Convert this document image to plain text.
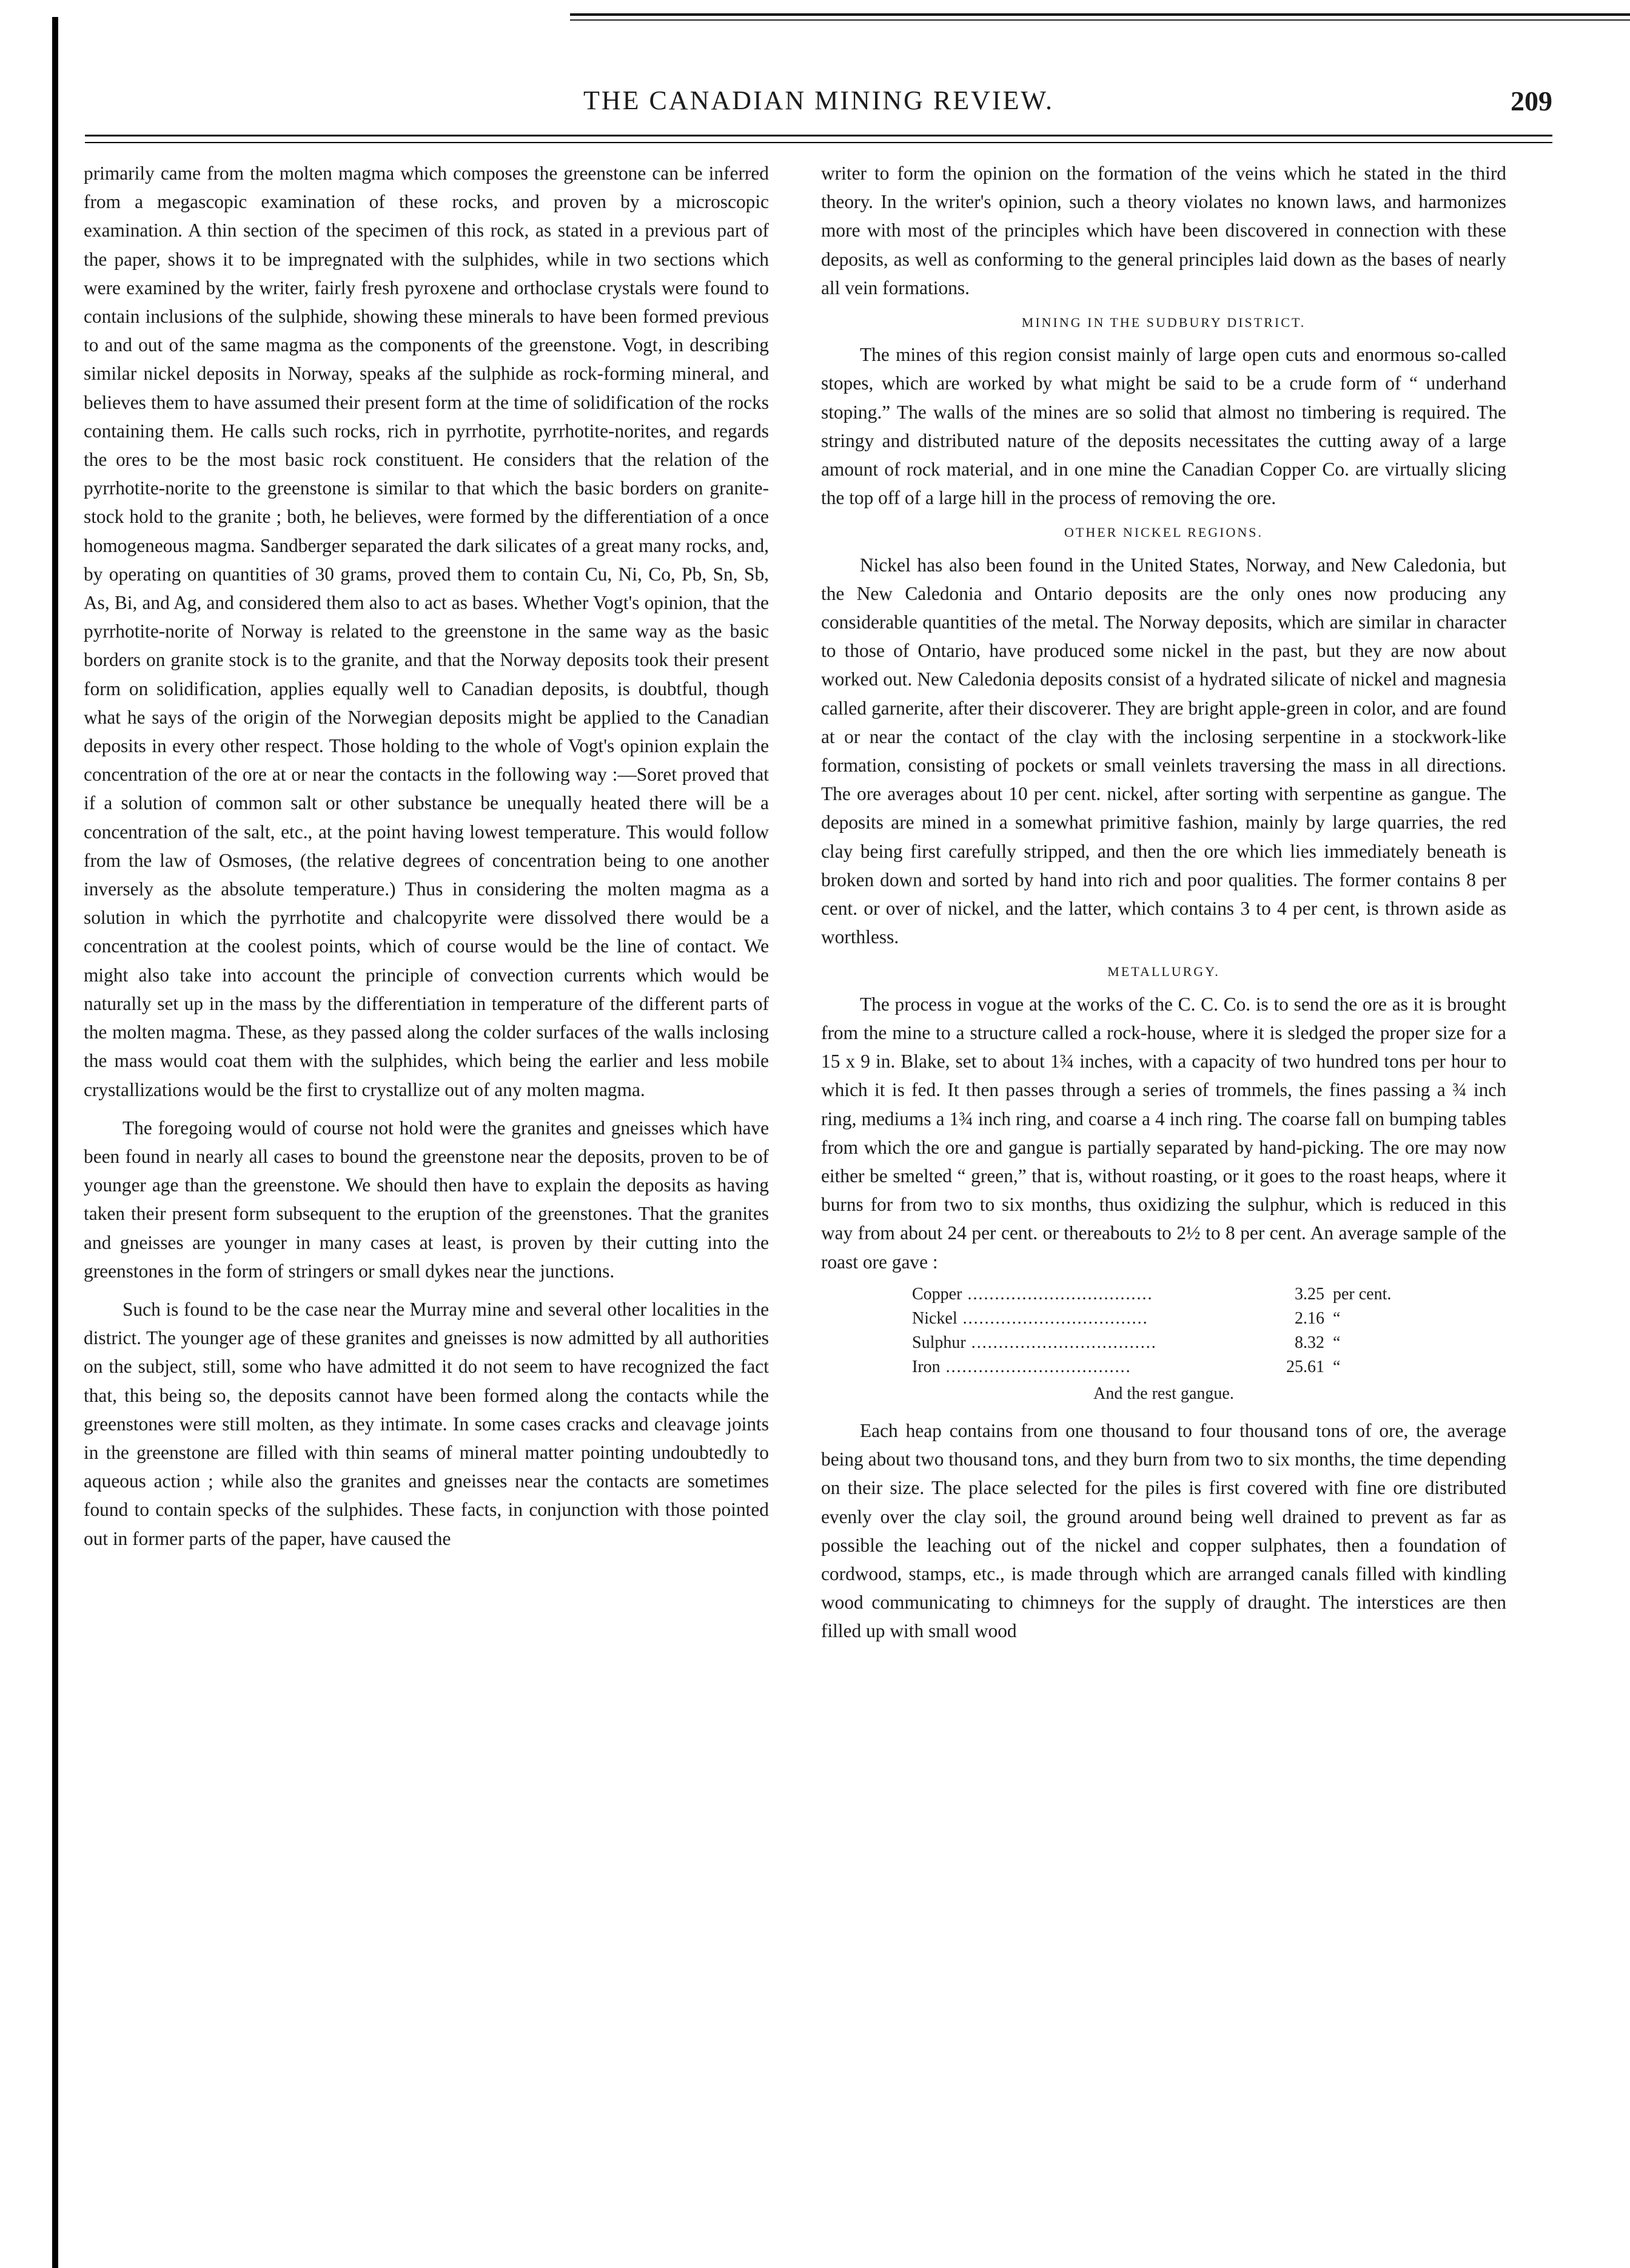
THE CANADIAN MINING REVIEW.	209

primarily came from the molten magma which composes the greenstone can be inferred from a megascopic examination of these rocks, and proven by a microscopic examination. A thin section of the specimen of this rock, as stated in a previous part of the paper, shows it to be impregnated with the sulphides, while in two sections which were examined by the writer, fairly fresh pyroxene and orthoclase crystals were found to contain inclusions of the sulphide, showing these minerals to have been formed previous to and out of the same magma as the components of the greenstone. Vogt, in describing similar nickel deposits in Norway, speaks af the sulphide as rock-forming mineral, and believes them to have assumed their present form at the time of solidification of the rocks containing them. He calls such rocks, rich in pyrrhotite, pyrrhotite-norites, and regards the ores to be the most basic rock constituent. He considers that the relation of the pyrrhotite-norite to the greenstone is similar to that which the basic borders on granite-stock hold to the granite ; both, he believes, were formed by the differentiation of a once homogeneous magma. Sandberger separated the dark silicates of a great many rocks, and, by operating on quantities of 30 grams, proved them to contain Cu, Ni, Co, Pb, Sn, Sb, As, Bi, and Ag, and considered them also to act as bases. Whether Vogt's opinion, that the pyrrhotite-norite of Norway is related to the greenstone in the same way as the basic borders on granite stock is to the granite, and that the Norway deposits took their present form on solidification, applies equally well to Canadian deposits, is doubtful, though what he says of the origin of the Norwegian deposits might be applied to the Canadian deposits in every other respect. Those holding to the whole of Vogt's opinion explain the concentration of the ore at or near the contacts in the following way :—Soret proved that if a solution of common salt or other substance be unequally heated there will be a concentration of the salt, etc., at the point having lowest temperature. This would follow from the law of Osmoses, (the relative degrees of concentration being to one another inversely as the absolute temperature.) Thus in considering the molten magma as a solution in which the pyrrhotite and chalcopyrite were dissolved there would be a concentration at the coolest points, which of course would be the line of contact. We might also take into account the principle of convection currents which would be naturally set up in the mass by the differentiation in temperature of the different parts of the molten magma. These, as they passed along the colder surfaces of the walls inclosing the mass would coat them with the sulphides, which being the earlier and less mobile crystallizations would be the first to crystallize out of any molten magma.

The foregoing would of course not hold were the granites and gneisses which have been found in nearly all cases to bound the greenstone near the deposits, proven to be of younger age than the greenstone. We should then have to explain the deposits as having taken their present form subsequent to the eruption of the greenstones. That the granites and gneisses are younger in many cases at least, is proven by their cutting into the greenstones in the form of stringers or small dykes near the junctions.

Such is found to be the case near the Murray mine and several other localities in the district. The younger age of these granites and gneisses is now admitted by all authorities on the subject, still, some who have admitted it do not seem to have recognized the fact that, this being so, the deposits cannot have been formed along the contacts while the greenstones were still molten, as they intimate. In some cases cracks and cleavage joints in the greenstone are filled with thin seams of mineral matter pointing undoubtedly to aqueous action ; while also the granites and gneisses near the contacts are sometimes found to contain specks of the sulphides. These facts, in conjunction with those pointed out in former parts of the paper, have caused the

writer to form the opinion on the formation of the veins which he stated in the third theory. In the writer's opinion, such a theory violates no known laws, and harmonizes more with most of the principles which have been discovered in connection with these deposits, as well as conforming to the general principles laid down as the bases of nearly all vein formations.

MINING IN THE SUDBURY DISTRICT.

The mines of this region consist mainly of large open cuts and enormous so-called stopes, which are worked by what might be said to be a crude form of “ underhand stoping.” The walls of the mines are so solid that almost no timbering is required. The stringy and distributed nature of the deposits necessitates the cutting away of a large amount of rock material, and in one mine the Canadian Copper Co. are virtually slicing the top off of a large hill in the process of removing the ore.

OTHER NICKEL REGIONS.

Nickel has also been found in the United States, Norway, and New Caledonia, but the New Caledonia and Ontario deposits are the only ones now producing any considerable quantities of the metal. The Norway deposits, which are similar in character to those of Ontario, have produced some nickel in the past, but they are now about worked out. New Caledonia deposits consist of a hydrated silicate of nickel and magnesia called garnerite, after their discoverer. They are bright apple-green in color, and are found at or near the contact of the clay with the inclosing serpentine in a stockwork-like formation, consisting of pockets or small veinlets traversing the mass in all directions. The ore averages about 10 per cent. nickel, after sorting with serpentine as gangue. The deposits are mined in a somewhat primitive fashion, mainly by large quarries, the red clay being first carefully stripped, and then the ore which lies immediately beneath is broken down and sorted by hand into rich and poor qualities. The former contains 8 per cent. or over of nickel, and the latter, which contains 3 to 4 per cent, is thrown aside as worthless.

METALLURGY.

The process in vogue at the works of the C. C. Co. is to send the ore as it is brought from the mine to a structure called a rock-house, where it is sledged the proper size for a 15 x 9 in. Blake, set to about 1¾ inches, with a capacity of two hundred tons per hour to which it is fed. It then passes through a series of trommels, the fines passing a ¾ inch ring, mediums a 1¾ inch ring, and coarse a 4 inch ring. The coarse fall on bumping tables from which the ore and gangue is partially separated by hand-picking. The ore may now either be smelted “ green,” that is, without roasting, or it goes to the roast heaps, where it burns for from two to six months, thus oxidizing the sulphur, which is reduced in this way from about 24 per cent. or thereabouts to 2½ to 8 per cent. An average sample of the roast ore gave :

Copper ..................................	3.25	per cent.
Nickel ..................................	2.16	“
Sulphur ..................................	8.32	“
Iron ..................................	25.61	“
And the rest gangue.

Each heap contains from one thousand to four thousand tons of ore, the average being about two thousand tons, and they burn from two to six months, the time depending on their size. The place selected for the piles is first covered with fine ore distributed evenly over the clay soil, the ground around being well drained to prevent as far as possible the leaching out of the nickel and copper sulphates, then a foundation of cordwood, stamps, etc., is made through which are arranged canals filled with kindling wood communicating to chimneys for the supply of draught. The interstices are then filled up with small wood
